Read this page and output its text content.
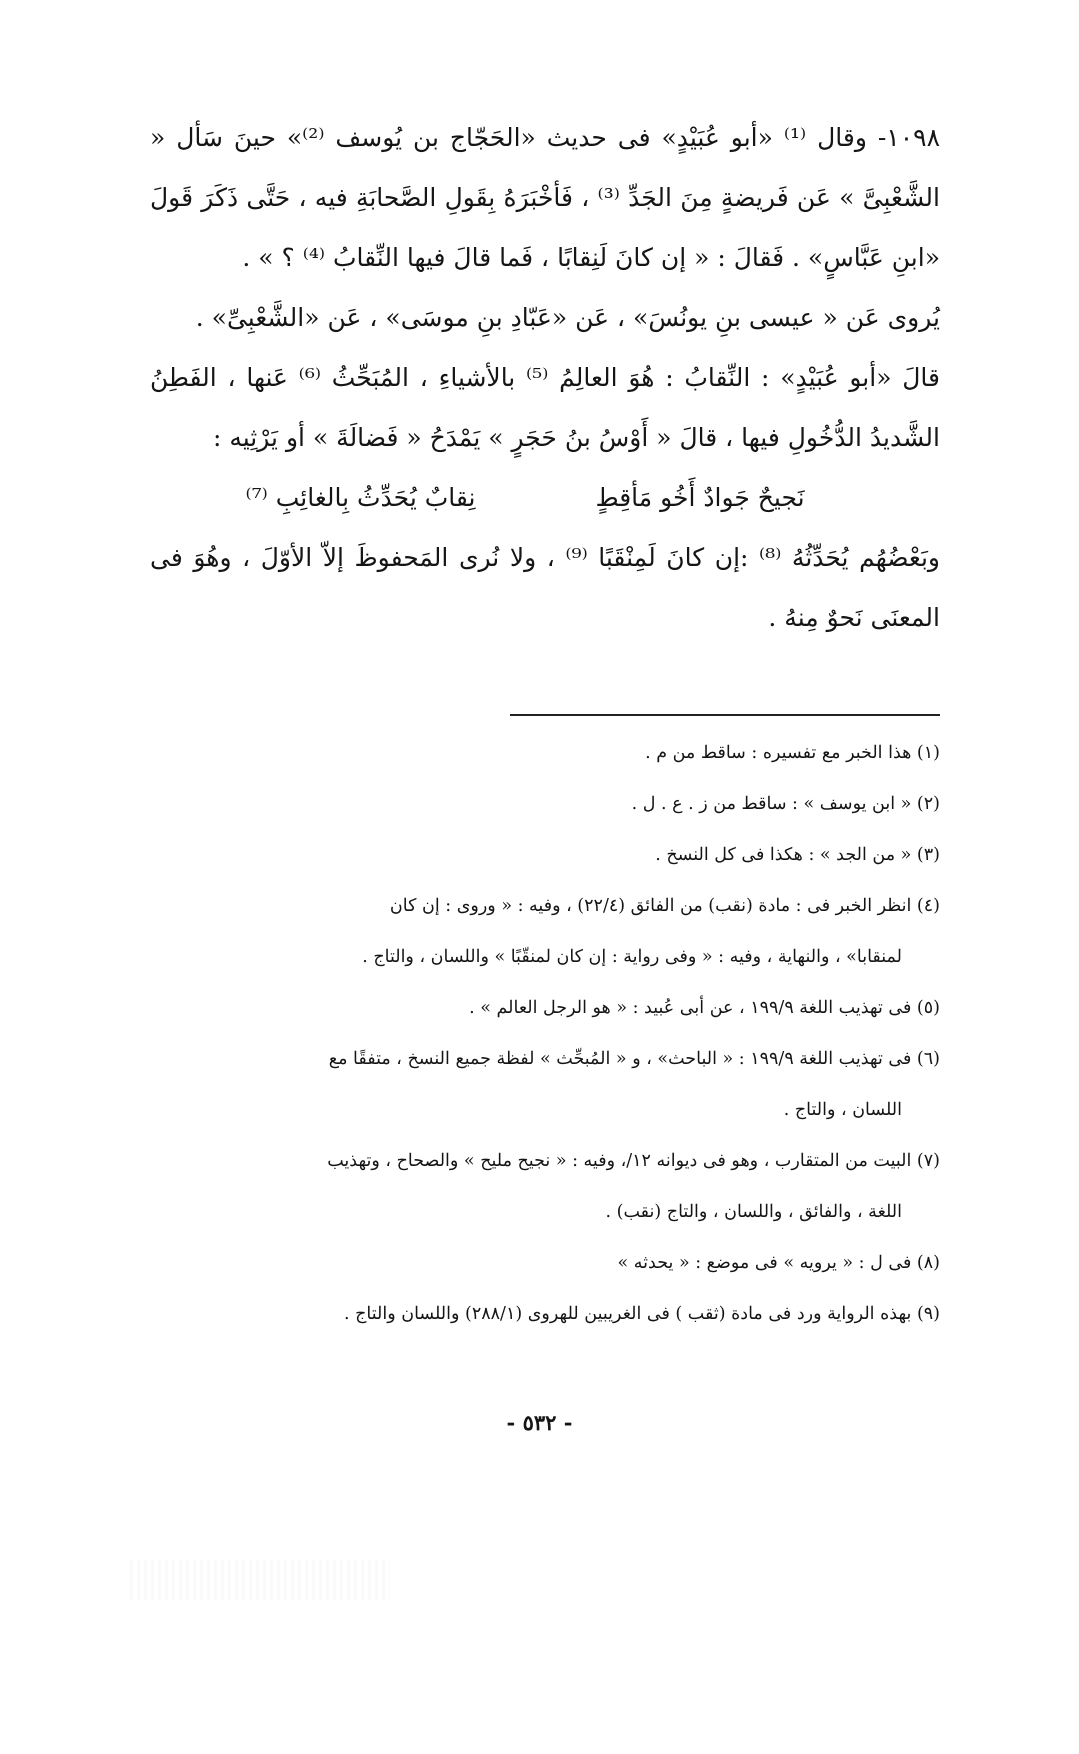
١٠٩٨- وقال ⁽¹⁾ «أبو عُبَيْدٍ» فى حديث «الحَجّاج بن يُوسف ⁽²⁾» حينَ سَأل « الشَّعْبِىَّ » عَن فَريضةٍ مِنَ الجَدِّ ⁽³⁾ ، فَأخْبَرَهُ بِقَولِ الصَّحابَةِ فيه ، حَتَّى ذَكَرَ قَولَ «ابنِ عَبَّاسٍ» . فَقالَ : « إن كانَ لَنِقابًا ، فَما قالَ فيها النِّقابُ ⁽⁴⁾ ؟ » .

يُروى عَن « عيسى بنِ يونُسَ» ، عَن «عَبّادِ بنِ موسَى» ، عَن «الشَّعْبِىِّ» .

قالَ «أبو عُبَيْدٍ» : النِّقابُ : هُوَ العالِمُ ⁽⁵⁾ بالأشياءِ ، المُبَحِّثُ ⁽⁶⁾ عَنها ، الفَطِنُ الشَّديدُ الدُّخُولِ فيها ، قالَ « أَوْسُ بنُ حَجَرٍ » يَمْدَحُ « فَضالَةَ » أو يَرْثِيه :

نَجيحٌ جَوادٌ أَخُو مَأقِطٍ
نِقابٌ يُحَدِّثُ بِالغائِبِ ⁽⁷⁾

وبَعْضُهُم يُحَدِّثُهُ ⁽⁸⁾ :إن كانَ لَمِنْقَبًا ⁽⁹⁾ ، ولا نُرى المَحفوظَ إلاّ الأوّلَ ، وهُوَ فى المعنَى نَحوٌ مِنهُ .

(١) هذا الخبر مع تفسيره : ساقط من م .

(٢) « ابن يوسف » : ساقط من ز . ع . ل .

(٣) « من الجد » : هكذا فى كل النسخ .

(٤) انظر الخبر فى : مادة (نقب) من الفائق (٢٢/٤) ، وفيه : « وروى : إن كان

لمنقابا» ، والنهاية ، وفيه : « وفى رواية : إن كان لمنقّبًا » واللسان ، والتاج .

(٥) فى تهذيب اللغة ١٩٩/٩ ، عن أبى عُبيد : « هو الرجل العالم » .

(٦) فى تهذيب اللغة ١٩٩/٩ : « الباحث» ، و « المُبحِّث » لفظة جميع النسخ ، متفقًا مع

اللسان ، والتاج .

(٧) البيت من المتقارب ، وهو فى ديوانه ١٢/، وفيه : « نجيح مليح » والصحاح ، وتهذيب

اللغة ، والفائق ، واللسان ، والتاج (نقب) .

(٨) فى ل : « يرويه » فى موضع : « يحدثه »

(٩) بهذه الرواية ورد فى مادة (ثقب ) فى الغريبين للهروى (٢٨٨/١) واللسان والتاج .

- ٥٣٢ -
